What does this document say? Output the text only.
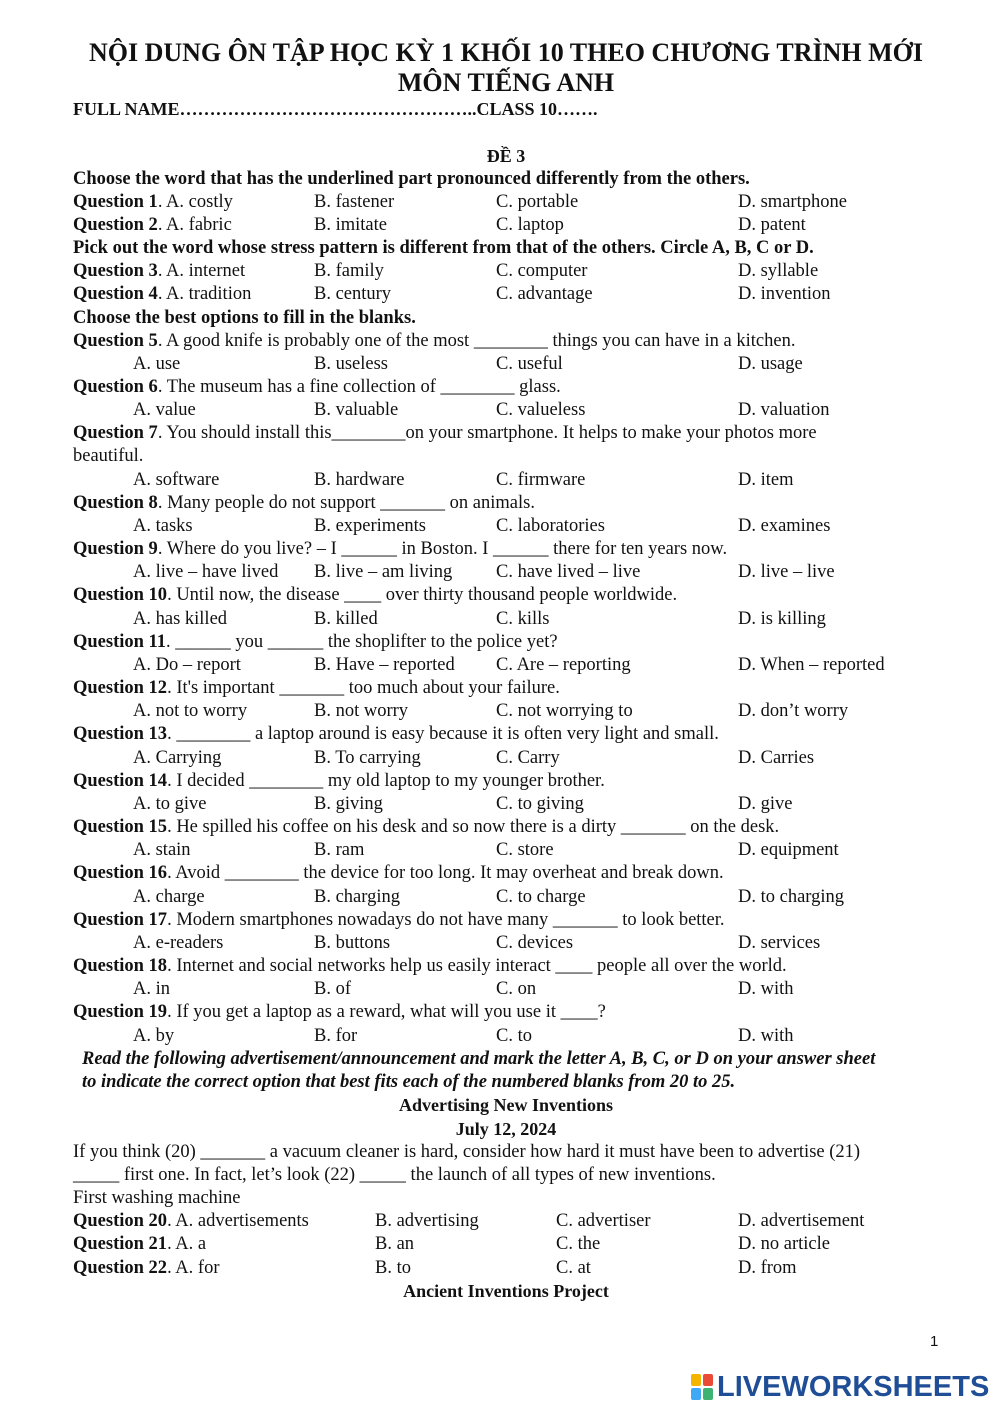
NỘI DUNG ÔN TẬP HỌC KỲ 1 KHỐI 10 THEO CHƯƠNG TRÌNH MỚI
MÔN TIẾNG ANH
FULL NAME…………………………………………..CLASS 10…….
ĐỀ 3
Choose the word that has the underlined part pronounced differently from the others.
Question 1. A. costly	B. fastener	C. portable	D. smartphone
Question 2. A. fabric	B. imitate	C. laptop	D. patent
Pick out the word whose stress pattern is different from that of the others. Circle A, B, C or D.
Question 3. A. internet	B. family	C. computer	D. syllable
Question 4. A. tradition	B. century	C. advantage	D. invention
Choose the best options to fill in the blanks.
Question 5. A good knife is probably one of the most ________ things you can have in a kitchen.
A. use	B. useless	C. useful	D. usage
Question 6. The museum has a fine collection of ________ glass.
A. value	B. valuable	C. valueless	D. valuation
Question 7. You should install this________on your smartphone. It helps to make your photos more
beautiful.
A. software	B. hardware	C. firmware	D. item
Question 8. Many people do not support _______ on animals.
A. tasks	B. experiments	C. laboratories	D. examines
Question 9. Where do you live? – I ______ in Boston. I ______ there for ten years now.
A. live – have lived B. live – am living C. have lived – live	D. live – live
Question 10. Until now, the disease ____ over thirty thousand people worldwide.
A. has killed	B. killed	C. kills	D. is killing
Question 11. ______ you ______ the shoplifter to the police yet?
A. Do – report	B. Have – reported C. Are – reporting	D. When – reported
Question 12. It's important _______ too much about your failure.
A. not to worry	B. not worry	C. not worrying to	D. don’t worry
Question 13. ________ a laptop around is easy because it is often very light and small.
A. Carrying	B. To carrying	C. Carry	D. Carries
Question 14. I decided ________ my old laptop to my younger brother.
A. to give	B. giving	C. to giving	D. give
Question 15. He spilled his coffee on his desk and so now there is a dirty _______ on the desk.
A. stain	B. ram	C. store	D. equipment
Question 16. Avoid ________ the device for too long. It may overheat and break down.
A. charge	B. charging	C. to charge	D. to charging
Question 17. Modern smartphones nowadays do not have many _______ to look better.
A. e-readers	B. buttons	C. devices	D. services
Question 18. Internet and social networks help us easily interact ____ people all over the world.
A. in	B. of	C. on	D. with
Question 19. If you get a laptop as a reward, what will you use it ____?
A. by	B. for	C. to	D. with
Read the following advertisement/announcement and mark the letter A, B, C, or D on your answer sheet
to indicate the correct option that best fits each of the numbered blanks from 20 to 25.
Advertising New Inventions
July 12, 2024
If you think (20) _______ a vacuum cleaner is hard, consider how hard it must have been to advertise (21)
_____ first one. In fact, let’s look (22) _____ the launch of all types of new inventions.
First washing machine
Question 20. A. advertisements	B. advertising	C. advertiser	D. advertisement
Question 21. A. a	B. an	C. the	D. no article
Question 22. A. for	B. to	C. at	D. from
Ancient Inventions Project
1
LIVEWORKSHEETS
